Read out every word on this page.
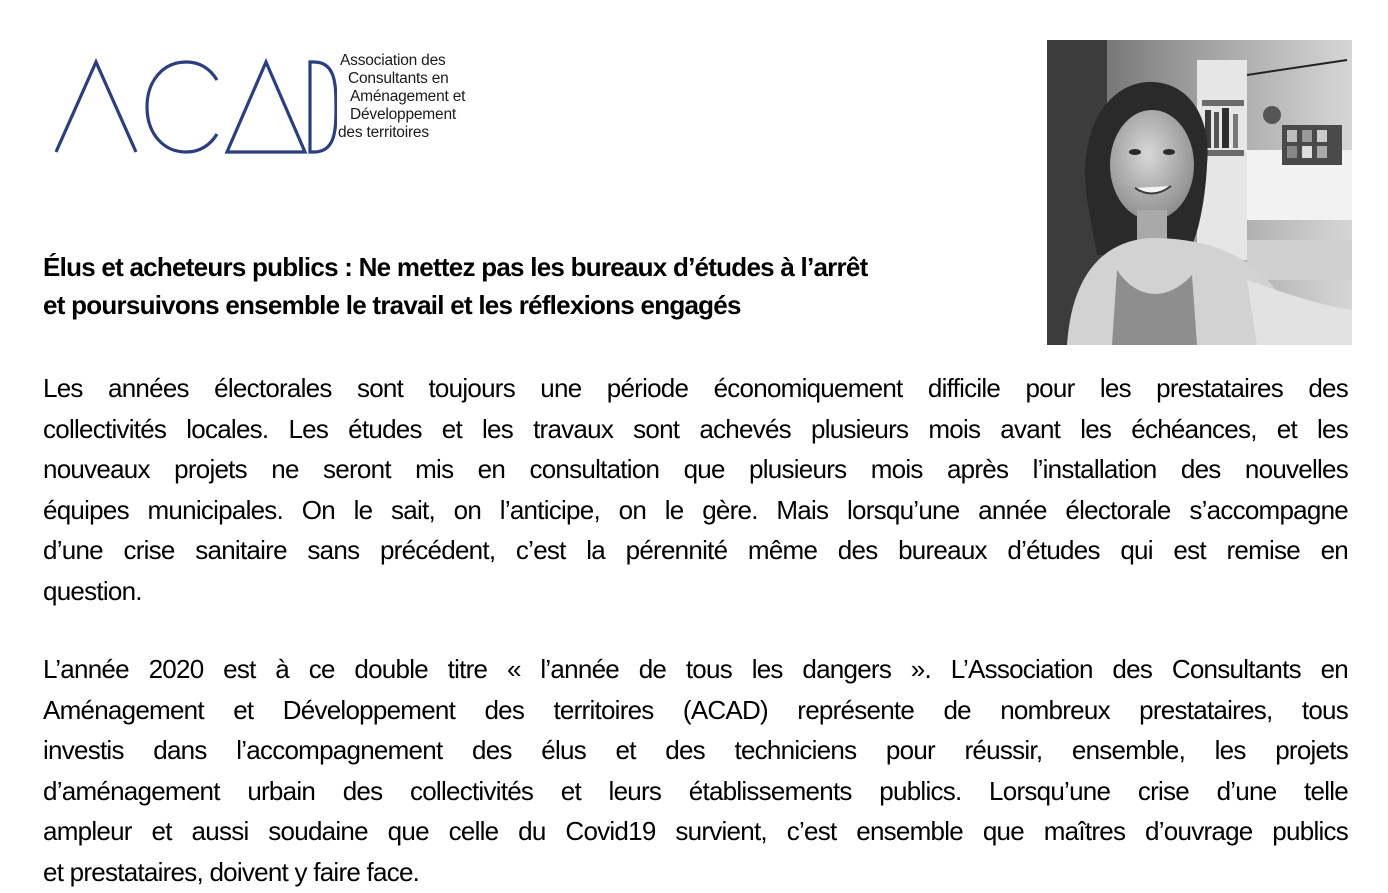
Association des
Consultants en
Aménagement et
Développement
des territoires
Élus et acheteurs publics : Ne mettez pas les bureaux d’études à l’arrêt
et poursuivons ensemble le travail et les réflexions engagés

Les années électorales sont toujours une période économiquement difficile pour les prestataires des
collectivités locales. Les études et les travaux sont achevés plusieurs mois avant les échéances, et les
nouveaux projets ne seront mis en consultation que plusieurs mois après l’installation des nouvelles
équipes municipales. On le sait, on l’anticipe, on le gère. Mais lorsqu’une année électorale s’accompagne
d’une crise sanitaire sans précédent, c’est la pérennité même des bureaux d’études qui est remise en
question.

L’année 2020 est à ce double titre « l’année de tous les dangers ». L’Association des Consultants en
Aménagement et Développement des territoires (ACAD) représente de nombreux prestataires, tous
investis dans l’accompagnement des élus et des techniciens pour réussir, ensemble, les projets
d’aménagement urbain des collectivités et leurs établissements publics. Lorsqu’une crise d’une telle
ampleur et aussi soudaine que celle du Covid19 survient, c’est ensemble que maîtres d’ouvrage publics
et prestataires, doivent y faire face.
